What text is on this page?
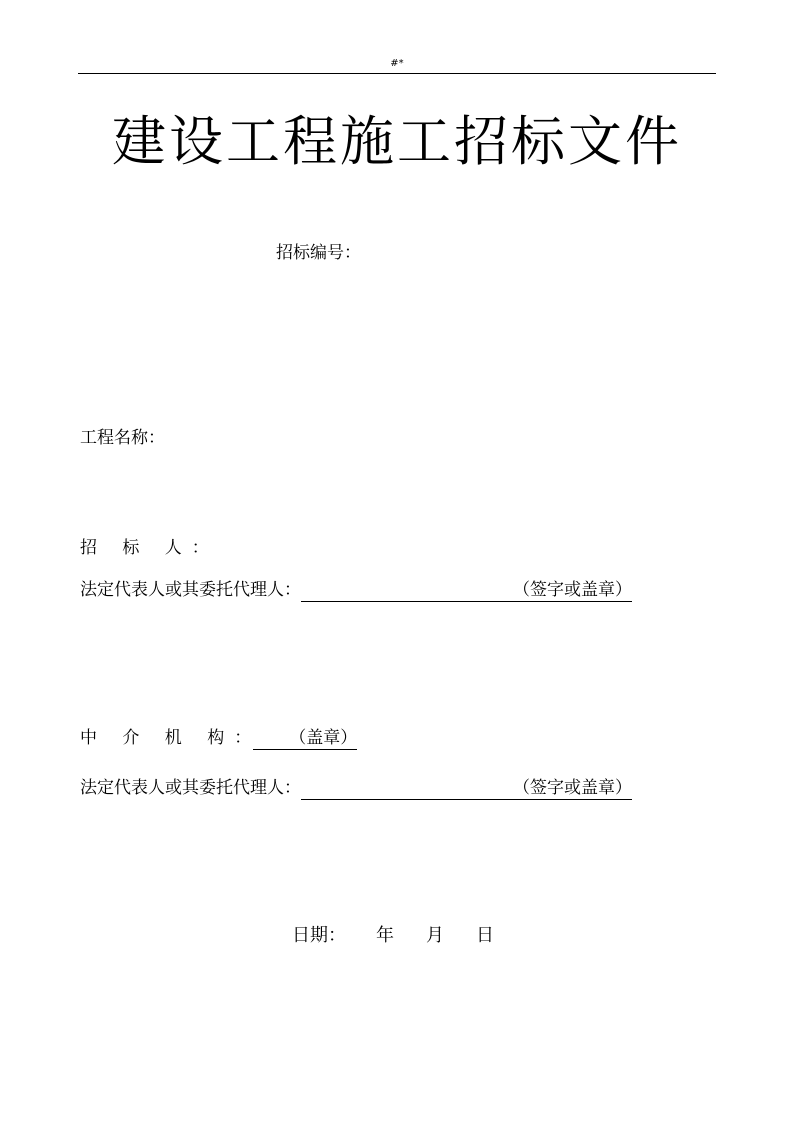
#*
建设工程施工招标文件
招标编号：
工程名称：
招 标 人：
法定代表人或其委托代理人：	（签字或盖章）
中 介 机 构： （盖章）
法定代表人或其委托代理人：	（签字或盖章）
日期： 年 月 日
